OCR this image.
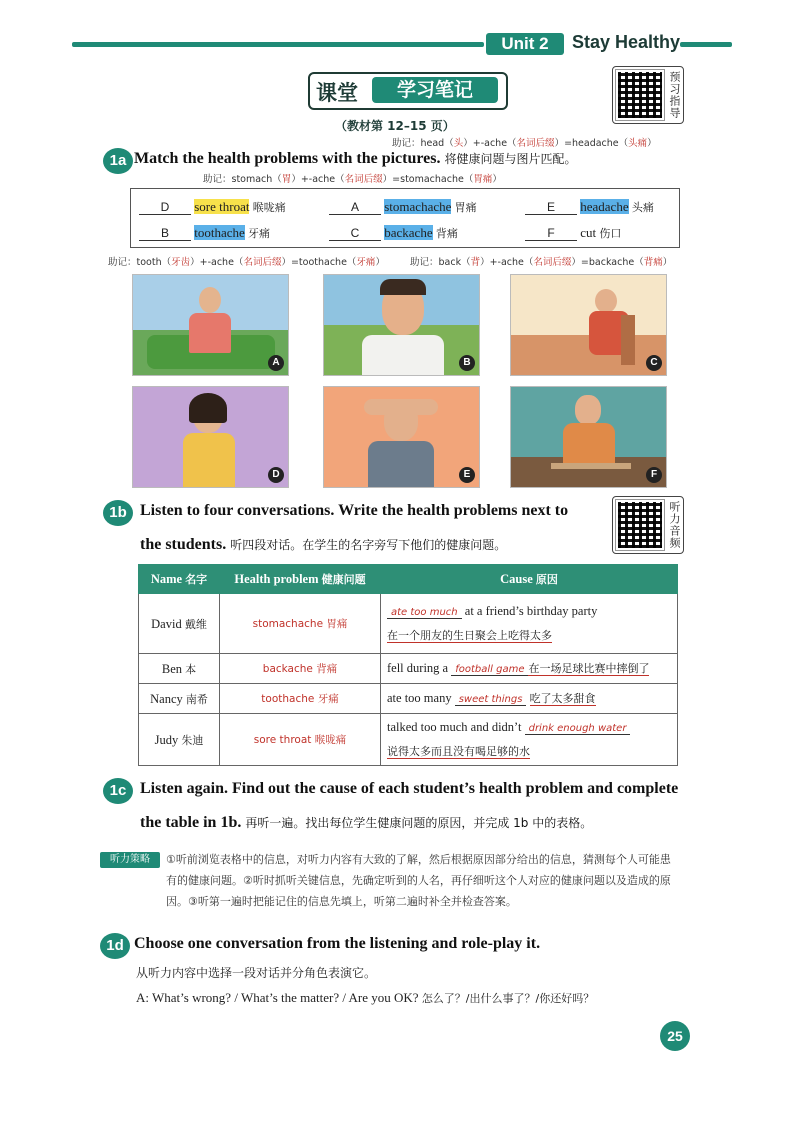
Unit 2	Stay Healthy
课堂	学习笔记	预习指导
（教材第 12–15 页）
助记：head（头）+-ache（名词后缀）=headache（头痛）
1a Match the health problems with the pictures. 将健康问题与图片匹配。
助记：stomach（胃）+-ache（名词后缀）=stomachache（胃痛）
D sore throat 喉咙痛	A stomachache 胃痛	E headache 头痛
B toothache 牙痛	C backache 背痛	F cut 伤口
助记：tooth（牙齿）+-ache（名词后缀）=toothache（牙痛）	助记：back（背）+-ache（名词后缀）=backache（背痛）
A	B	C
D	E	F
1b Listen to four conversations. Write the health problems next to
the students. 听四段对话。在学生的名字旁写下他们的健康问题。	听力音频
Name 名字	Health problem 健康问题	Cause 原因
David 戴维	stomachache 胃痛	ate too much at a friend’s birthday party
在一个朋友的生日聚会上吃得太多

Ben 本	backache 背痛	fell during a football game 在一场足球比赛中摔倒了

Nancy 南希	toothache 牙痛	ate too many sweet things 吃了太多甜食

Judy 朱迪	sore throat 喉咙痛	talked too much and didn’t drink enough water
说得太多而且没有喝足够的水
1c Listen again. Find out the cause of each student’s health problem and complete
the table in 1b. 再听一遍。找出每位学生健康问题的原因，并完成 1b 中的表格。
听力策略	①听前浏览表格中的信息，对听力内容有大致的了解，然后根据原因部分给出的信息，猜测每个人可能患有的健康问题。②听时抓听关键信息，先确定听到的人名，再仔细听这个人对应的健康问题以及造成的原因。③听第一遍时把能记住的信息先填上，听第二遍时补全并检查答案。
1d Choose one conversation from the listening and role-play it.
从听力内容中选择一段对话并分角色表演它。
A: What’s wrong? / What’s the matter? / Are you OK? 怎么了？/出什么事了？/你还好吗？
25
